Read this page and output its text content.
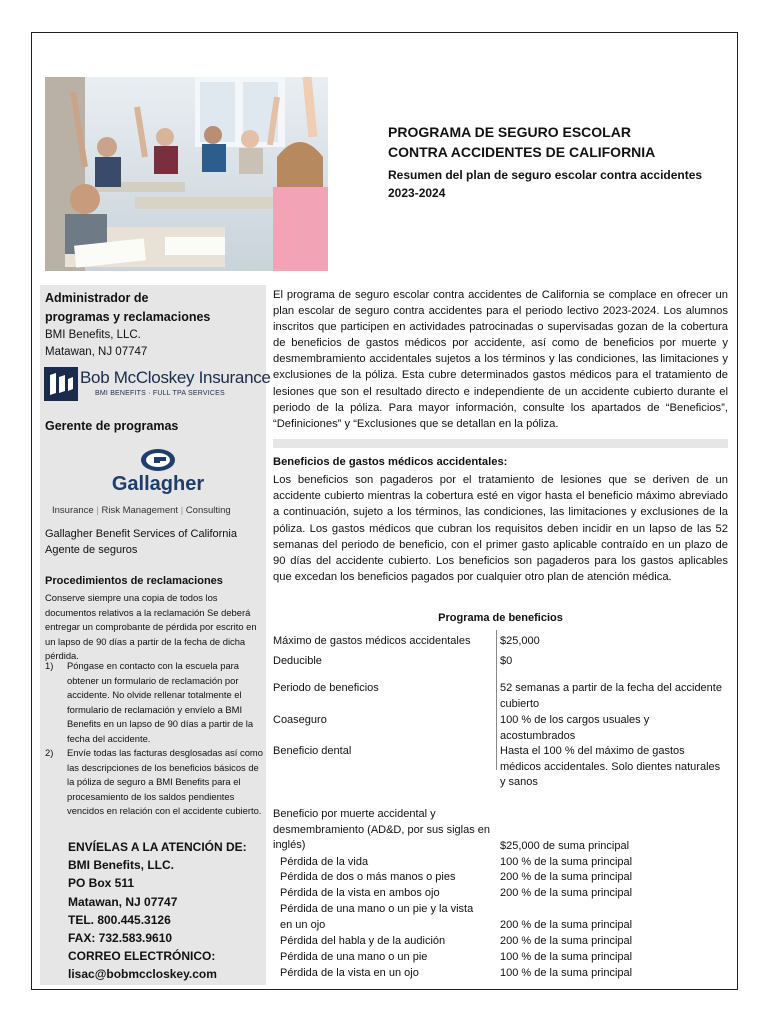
PROGRAMA DE SEGURO ESCOLAR
CONTRA ACCIDENTES DE CALIFORNIA
Resumen del plan de seguro escolar contra accidentes
2023-2024
Administrador de
programas y reclamaciones
BMI Benefits, LLC.
Matawan, NJ 07747
Bob McCloskey Insurance
BMI BENEFITS · FULL TPA SERVICES
Gerente de programas
Gallagher
Insurance | Risk Management | Consulting
Gallagher Benefit Services of California
Agente de seguros
Procedimientos de reclamaciones
Conserve siempre una copia de todos los documentos relativos a la reclamación Se deberá entregar un comprobante de pérdida por escrito en un lapso de 90 días a partir de la fecha de dicha pérdida.
1) Póngase en contacto con la escuela para obtener un formulario de reclamación por accidente. No olvide rellenar totalmente el formulario de reclamación y envíelo a BMI Benefits en un lapso de 90 días a partir de la fecha del accidente.
2) Envíe todas las facturas desglosadas así como las descripciones de los beneficios básicos de la póliza de seguro a BMI Benefits para el procesamiento de los saldos pendientes vencidos en relación con el accidente cubierto.
ENVÍELAS A LA ATENCIÓN DE:
BMI Benefits, LLC.
PO Box 511
Matawan, NJ 07747
TEL. 800.445.3126
FAX: 732.583.9610
CORREO ELECTRÓNICO:
lisac@bobmccloskey.com
El programa de seguro escolar contra accidentes de California se complace en ofrecer un plan escolar de seguro contra accidentes para el periodo lectivo 2023-2024. Los alumnos inscritos que participen en actividades patrocinadas o supervisadas gozan de la cobertura de beneficios de gastos médicos por accidente, así como de beneficios por muerte y desmembramiento accidentales sujetos a los términos y las condiciones, las limitaciones y exclusiones de la póliza. Esta cubre determinados gastos médicos para el tratamiento de lesiones que son el resultado directo e independiente de un accidente cubierto durante el periodo de la póliza. Para mayor información, consulte los apartados de “Beneficios”, “Definiciones” y “Exclusiones que se detallan en la póliza.
Beneficios de gastos médicos accidentales:
Los beneficios son pagaderos por el tratamiento de lesiones que se deriven de un accidente cubierto mientras la cobertura esté en vigor hasta el beneficio máximo abreviado a continuación, sujeto a los términos, las condiciones, las limitaciones y exclusiones de la póliza. Los gastos médicos que cubran los requisitos deben incidir en un lapso de las 52 semanas del periodo de beneficio, con el primer gasto aplicable contraído en un plazo de 90 días del accidente cubierto. Los beneficios son pagaderos para los gastos aplicables que excedan los beneficios pagados por cualquier otro plan de atención médica.
Programa de beneficios
Máximo de gastos médicos accidentales	$25,000
Deducible	$0
Periodo de beneficios	52 semanas a partir de la fecha del accidente cubierto
Coaseguro	100 % de los cargos usuales y acostumbrados
Beneficio dental	Hasta el 100 % del máximo de gastos médicos accidentales. Solo dientes naturales y sanos
Beneficio por muerte accidental y desmembramiento (AD&D, por sus siglas en inglés)	$25,000 de suma principal
Pérdida de la vida	100 % de la suma principal
Pérdida de dos o más manos o pies	200 % de la suma principal
Pérdida de la vista en ambos ojo	200 % de la suma principal
Pérdida de una mano o un pie y la vista en un ojo	200 % de la suma principal
Pérdida del habla y de la audición	200 % de la suma principal
Pérdida de una mano o un pie	100 % de la suma principal
Pérdida de la vista en un ojo	100 % de la suma principal
